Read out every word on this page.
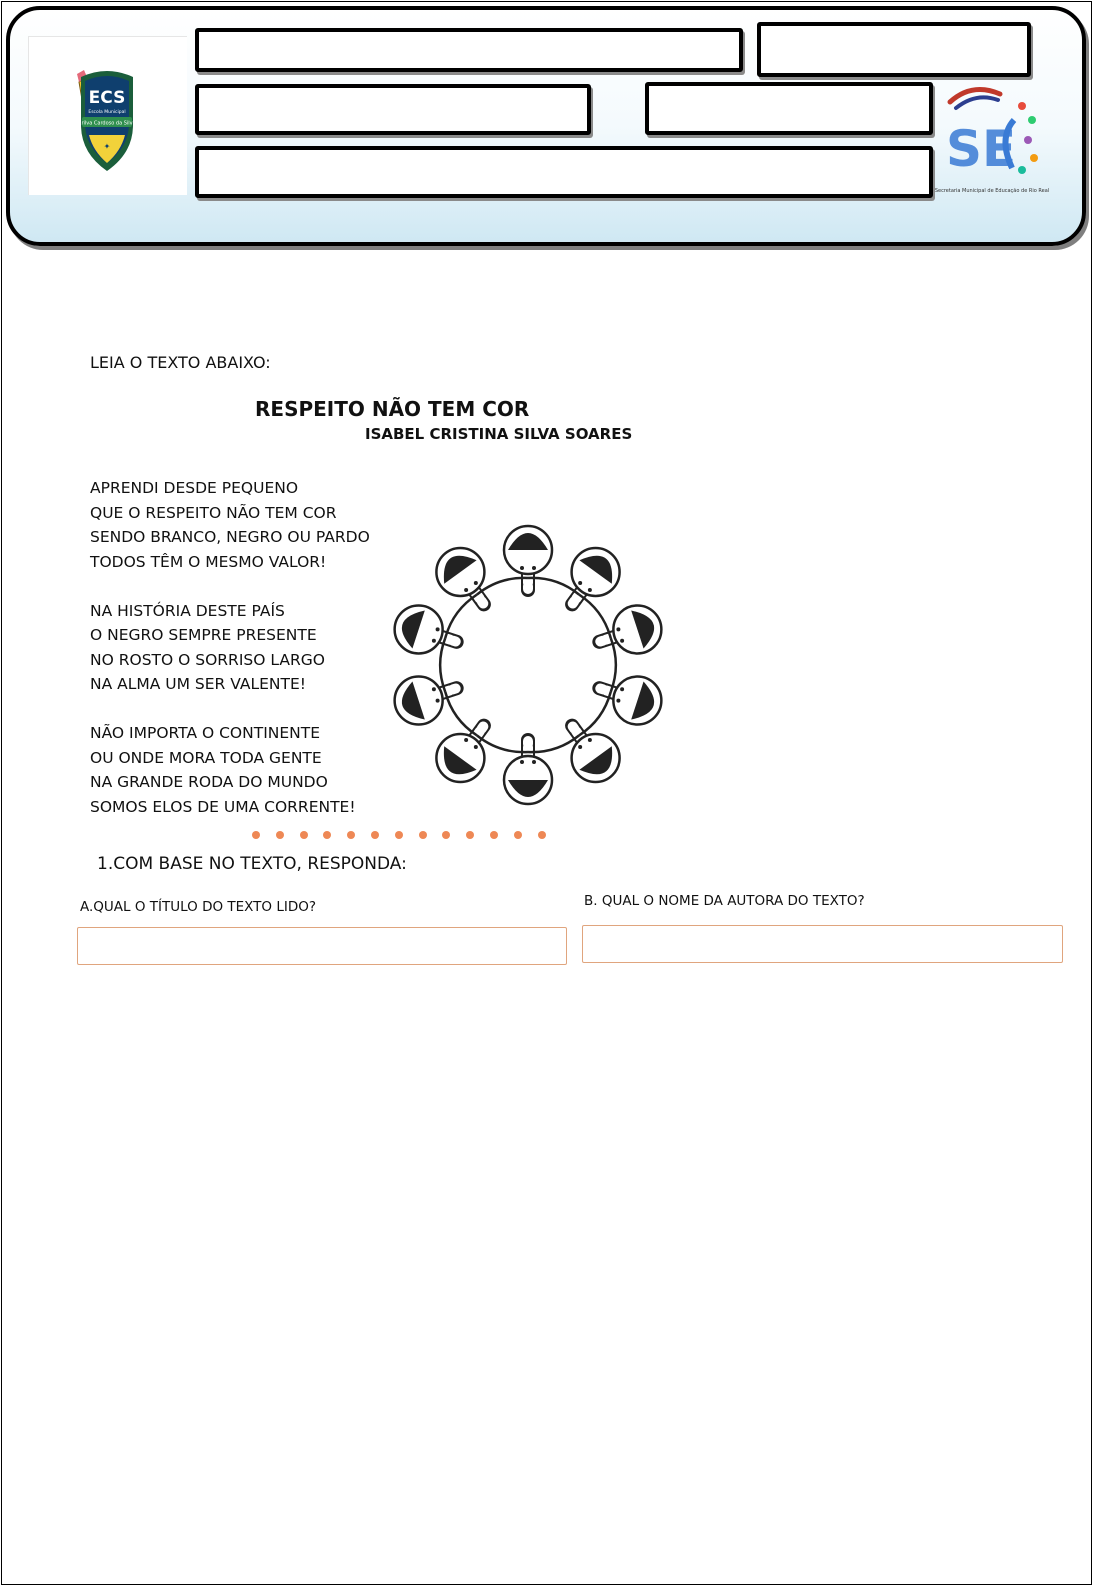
ECS
Escola Municipal
Erilva Cardoso da Silva
✦	SE
Secretaria Municipal de Educação de Rio Real
LEIA O TEXTO ABAIXO:
RESPEITO NÃO TEM COR
ISABEL CRISTINA SILVA SOARES
APRENDI DESDE PEQUENO
QUE O RESPEITO NÃO TEM COR
SENDO BRANCO, NEGRO OU PARDO
TODOS TÊM O MESMO VALOR!
NA HISTÓRIA DESTE PAÍS
O NEGRO SEMPRE PRESENTE
NO ROSTO O SORRISO LARGO
NA ALMA UM SER VALENTE!
NÃO IMPORTA O CONTINENTE
OU ONDE MORA TODA GENTE
NA GRANDE RODA DO MUNDO
SOMOS ELOS DE UMA CORRENTE!
1.COM BASE NO TEXTO, RESPONDA:
A.QUAL O TÍTULO DO TEXTO LIDO?	B. QUAL O NOME DA AUTORA DO TEXTO?
